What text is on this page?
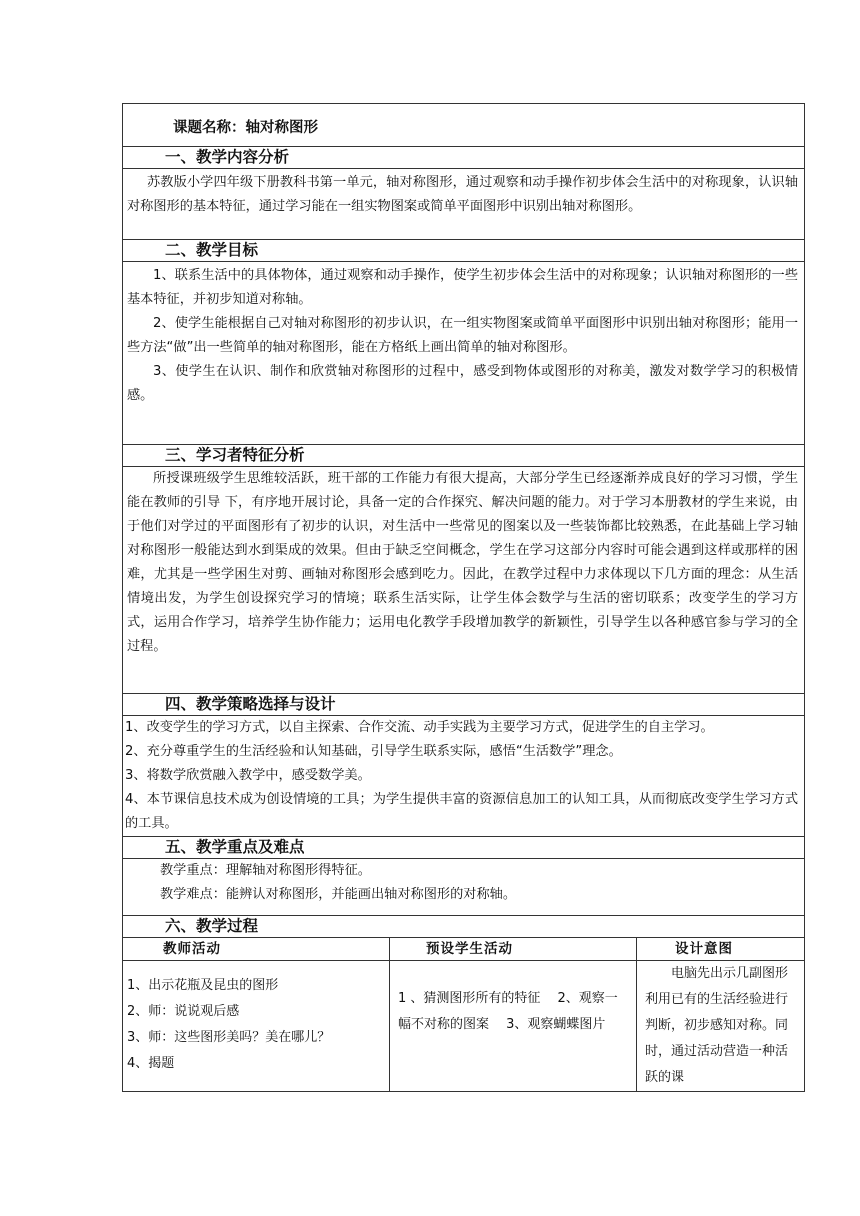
课题名称：轴对称图形		

一、教学内容分析		

苏教版小学四年级下册教科书第一单元，轴对称图形，通过观察和动手操作初步体会生活中的对称现象，认识轴对称图形的基本特征，通过学习能在一组实物图案或简单平面图形中识别出轴对称图形。		

二、教学目标		

1、联系生活中的具体物体，通过观察和动手操作，使学生初步体会生活中的对称现象；认识轴对称图形的一些基本特征，并初步知道对称轴。

2、使学生能根据自己对轴对称图形的初步认识，在一组实物图案或简单平面图形中识别出轴对称图形；能用一些方法“做”出一些简单的轴对称图形，能在方格纸上画出简单的轴对称图形。

3、使学生在认识、制作和欣赏轴对称图形的过程中，感受到物体或图形的对称美，激发对数学学习的积极情感。		

三、学习者特征分析		

所授课班级学生思维较活跃，班干部的工作能力有很大提高，大部分学生已经逐渐养成良好的学习习惯，学生能在教师的引导 下，有序地开展讨论，具备一定的合作探究、解决问题的能力。对于学习本册教材的学生来说，由于他们对学过的平面图形有了初步的认识，对生活中一些常见的图案以及一些装饰都比较熟悉，在此基础上学习轴对称图形一般能达到水到渠成的效果。但由于缺乏空间概念，学生在学习这部分内容时可能会遇到这样或那样的困难，尤其是一些学困生对剪、画轴对称图形会感到吃力。因此，在教学过程中力求体现以下几方面的理念：从生活情境出发，为学生创设探究学习的情境；联系生活实际，让学生体会数学与生活的密切联系；改变学生的学习方式，运用合作学习，培养学生协作能力；运用电化教学手段增加教学的新颖性，引导学生以各种感官参与学习的全过程。		

四、教学策略选择与设计		

1、改变学生的学习方式，以自主探索、合作交流、动手实践为主要学习方式，促进学生的自主学习。

2、充分尊重学生的生活经验和认知基础，引导学生联系实际，感悟“生活数学”理念。

3、将数学欣赏融入教学中，感受数学美。

4、本节课信息技术成为创设情境的工具；为学生提供丰富的资源信息加工的认知工具，从而彻底改变学生学习方式的工具。		

五、教学重点及难点		

教学重点：理解轴对称图形得特征。

教学难点：能辨认对称图形，并能画出轴对称图形的对称轴。		

六、教学过程		
教师活动	预设学生活动	设计意图

1、出示花瓶及昆虫的图形
2、师：说说观后感
3、师：这些图形美吗？美在哪儿？
4、揭题	1 、猜测图形所有的特征　 2、观察一幅不对称的图案　 3、观察蝴蝶图片	电脑先出示几副图形利用已有的生活经验进行判断，初步感知对称。同时，通过活动营造一种活跃的课
